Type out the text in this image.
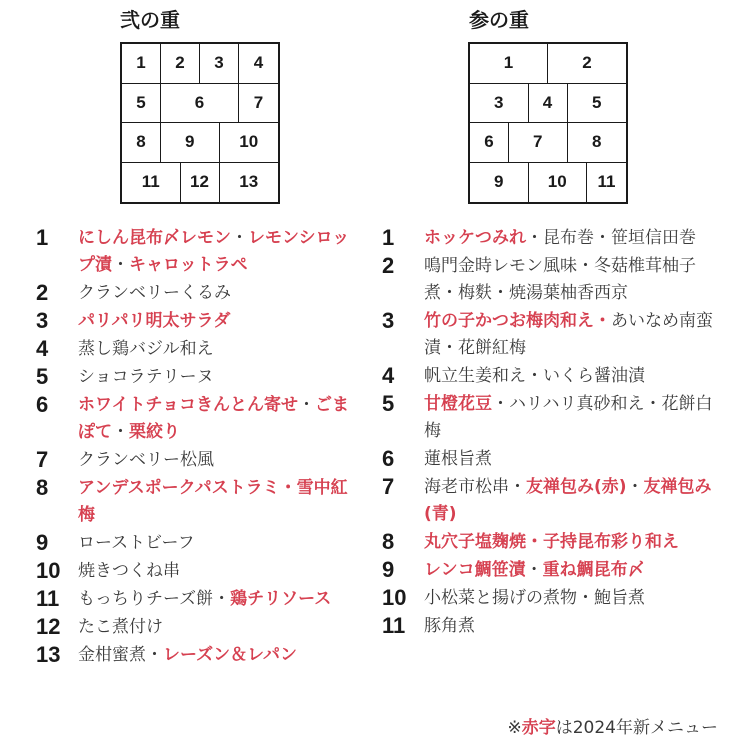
弐の重
1	2	3	4
5	6	7
8	9	10
11	12	13
1	にしん昆布〆レモン・レモンシロップ漬・キャロットラペ
2	クランベリーくるみ
3	パリパリ明太サラダ
4	蒸し鶏バジル和え
5	ショコラテリーヌ
6	ホワイトチョコきんとん寄せ・ごまぽて・栗絞り
7	クランベリー松風
8	アンデスポークパストラミ・雪中紅梅
9	ローストビーフ
10	焼きつくね串
11	もっちりチーズ餅・鶏チリソース
12	たこ煮付け
13	金柑蜜煮・レーズン＆レパン
参の重
1	2
3	4	5
6	7	8
9	10	11
1	ホッケつみれ・昆布巻・笹垣信田巻
2	鳴門金時レモン風味・冬菇椎茸柚子煮・梅麩・焼湯葉柚香西京
3	竹の子かつお梅肉和え・あいなめ南蛮漬・花餅紅梅
4	帆立生姜和え・いくら醤油漬
5	甘橙花豆・ハリハリ真砂和え・花餅白梅
6	蓮根旨煮
7	海老市松串・友禅包み(赤)・友禅包み(青)
8	丸穴子塩麹焼・子持昆布彩り和え
9	レンコ鯛笹漬・重ね鯛昆布〆
10	小松菜と揚げの煮物・鮑旨煮
11	豚角煮
※赤字は2024年新メニュー
